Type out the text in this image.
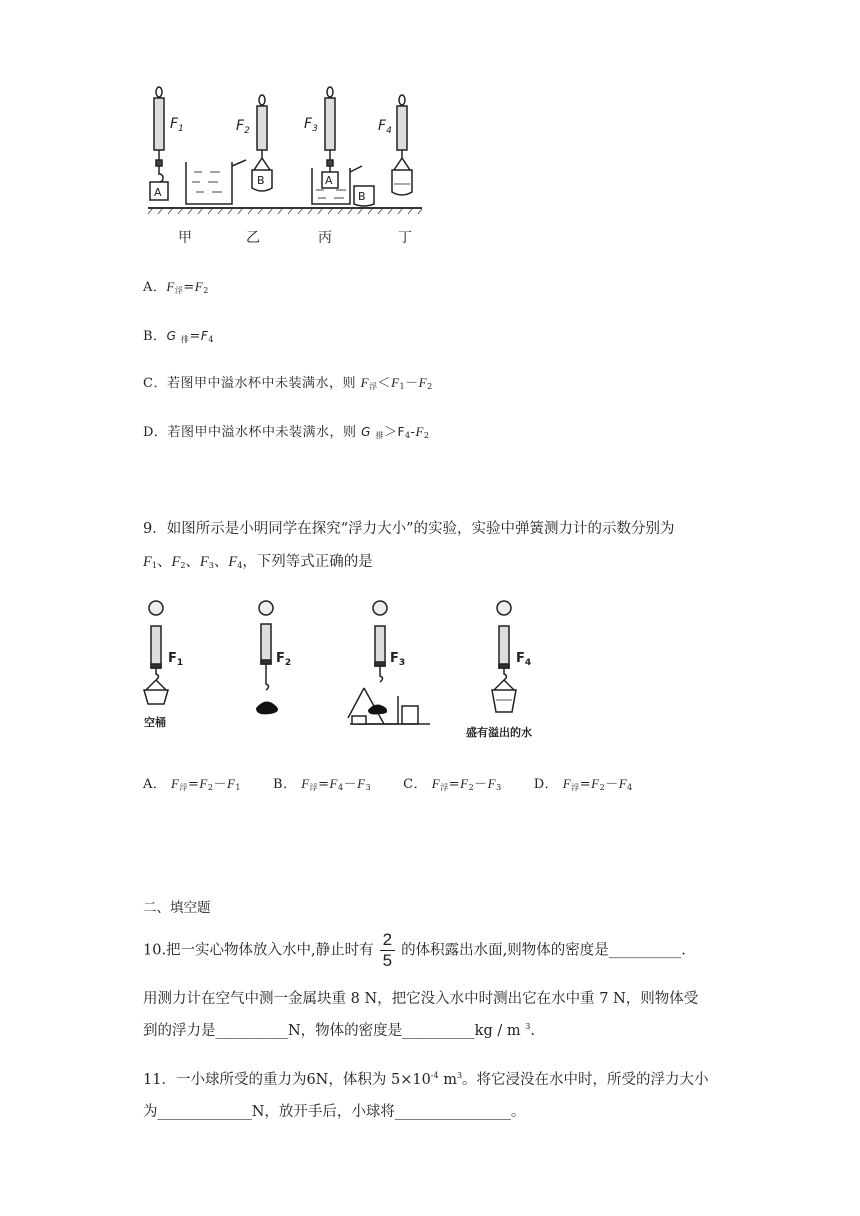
A
$F_1$
B
$F_2$
A
$F_3$
B
$F_4$
甲	乙	丙	丁
A．$F_浮=F_2$
B．G $_排=F_4$
C．若图甲中溢水杯中未装满水，则 $F_浮<F_1-F_2$
D．若图甲中溢水杯中未装满水，则 G $_排>F_4-F_2$
9．如图所示是小明同学在探究“浮力大小”的实验，实验中弹簧测力计的示数分别为
$F_1$、$F_2$、$F_3$、$F_4$，下列等式正确的是
$F_1$
空桶
$F_2$	$F_3$	$F_4$
盛有溢出的水
A． $F_浮=F_2-F_1$ B． $F_浮=F_4-F_3$ C． $F_浮=F_2-F_3$ D． $F_浮=F_2-F_4$
二、填空题
10.把一实心物体放入水中,静止时有 $\frac{2}{5}$ 的体积露出水面,则物体的密度是__________.
用测力计在空气中测一金属块重 8 N，把它没入水中时测出它在水中重 7 N，则物体受
到的浮力是__________N，物体的密度是__________kg / m $^3$.
11．一小球所受的重力为6N，体积为 $5\times 10^{-4}$ $m^3$。将它浸没在水中时，所受的浮力大小
为_____________N，放开手后，小球将________________。
